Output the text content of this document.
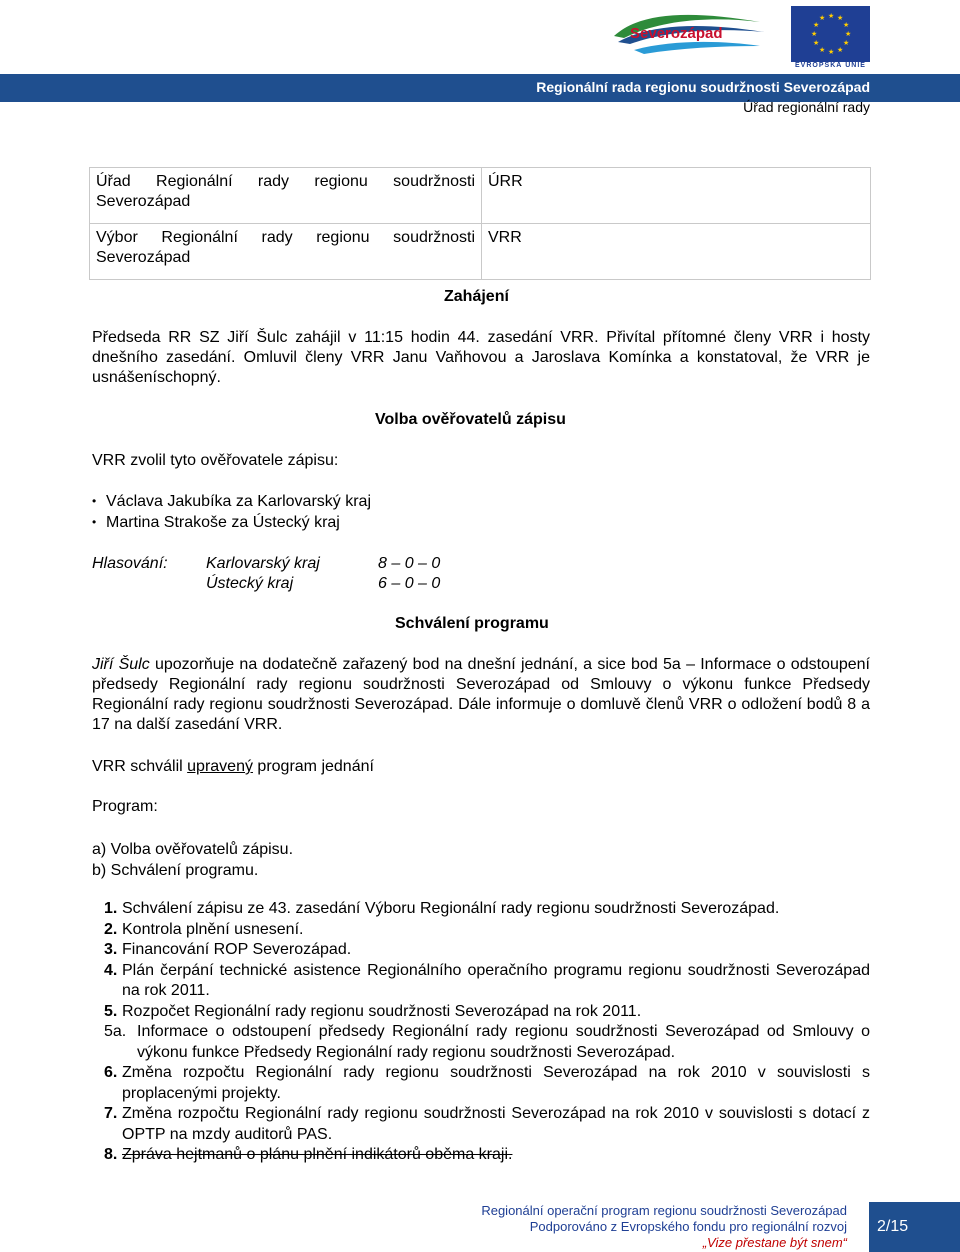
Severozápad
★ ★
★
★
★
★
★
★
★
★
★
★
EVROPSKÁ UNIE
Regionální rada regionu soudržnosti Severozápad
Úřad regionální rady
Úřad Regionální rady regionu soudržnosti Severozápad	ÚRR
Výbor Regionální rady regionu soudržnosti Severozápad	VRR
Zahájení
Předseda RR SZ Jiří Šulc zahájil v 11:15 hodin 44. zasedání VRR. Přivítal přítomné členy VRR i hosty dnešního zasedání. Omluvil členy VRR Janu Vaňhovou a Jaroslava Komínka a konstatoval, že VRR je usnášeníschopný.
Volba ověřovatelů zápisu
VRR zvolil tyto ověřovatele zápisu:
• Václava Jakubíka za Karlovarský kraj
• Martina Strakoše za Ústecký kraj
Hlasování: Karlovarský kraj	8 – 0 – 0
Ústecký kraj	6 – 0 – 0
Schválení programu
Jiří Šulc upozorňuje na dodatečně zařazený bod na dnešní jednání, a sice bod 5a – Informace o odstoupení předsedy Regionální rady regionu soudržnosti Severozápad od Smlouvy o výkonu funkce Předsedy Regionální rady regionu soudržnosti Severozápad. Dále informuje o domluvě členů VRR o odložení bodů 8 a 17 na další zasedání VRR.
VRR schválil upravený program jednání
Program:
a) Volba ověřovatelů zápisu.
b) Schválení programu.
1. Schválení zápisu ze 43. zasedání Výboru Regionální rady regionu soudržnosti Severozápad.
2. Kontrola plnění usnesení.
3. Financování ROP Severozápad.
4. Plán čerpání technické asistence Regionálního operačního programu regionu soudržnosti Severozápad na rok 2011.
5. Rozpočet Regionální rady regionu soudržnosti Severozápad na rok 2011.
5a. Informace o odstoupení předsedy Regionální rady regionu soudržnosti Severozápad od Smlouvy o výkonu funkce Předsedy Regionální rady regionu soudržnosti Severozápad.
6. Změna rozpočtu Regionální rady regionu soudržnosti Severozápad na rok 2010 v souvislosti s proplacenými projekty.
7. Změna rozpočtu Regionální rady regionu soudržnosti Severozápad na rok 2010 v souvislosti s dotací z OPTP na mzdy auditorů PAS.
8. Zpráva hejtmanů o plánu plnění indikátorů oběma kraji.
Regionální operační program regionu soudržnosti Severozápad
Podporováno z Evropského fondu pro regionální rozvoj
„Vize přestane být snem“
2/15
